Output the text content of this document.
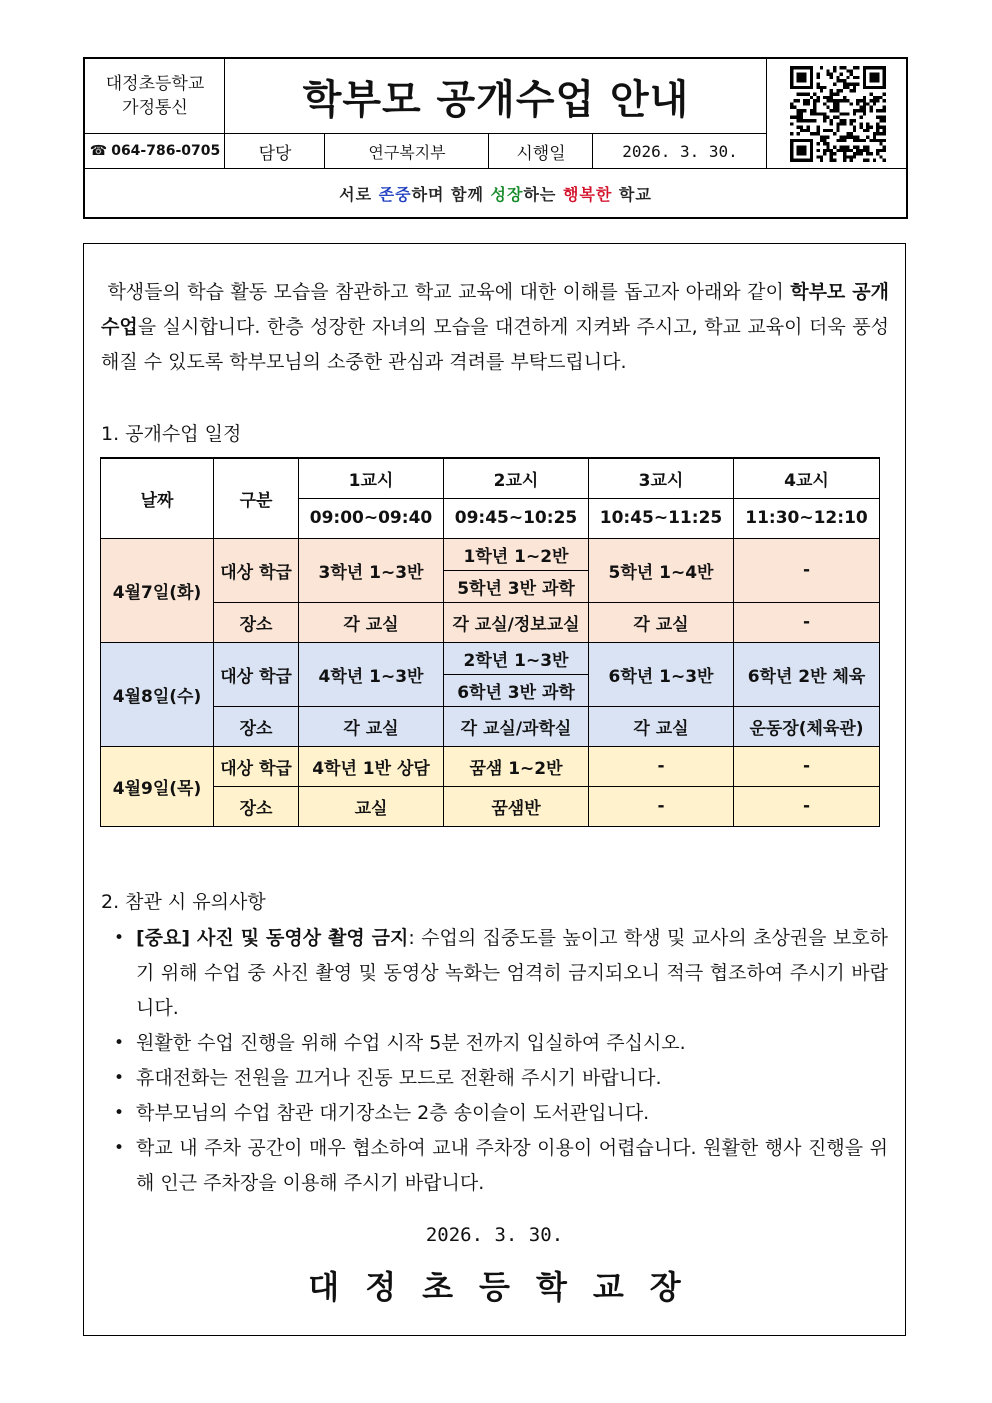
대정초등학교
가정통신	학부모 공개수업 안내
☎ 064-786-0705	담당	연구복지부	시행일	2026. 3. 30.
서로 존중 하며 함께 성장 하는 행복한 학교
학생들의 학습 활동 모습을 참관하고 학교 교육에 대한 이해를 돕고자 아래와 같이 학부모 공개수업을 실시합니다. 한층 성장한 자녀의 모습을 대견하게 지켜봐 주시고, 학교 교육이 더욱 풍성해질 수 있도록 학부모님의 소중한 관심과 격려를 부탁드립니다.
1. 공개수업 일정
날짜	구분	1교시	2교시	3교시	4교시
		09:00~09:40	09:45~10:25	10:45~11:25	11:30~12:10
4월7일(화)	대상 학급	3학년 1~3반	1학년 1~2반	5학년 1~4반	-
			5학년 3반 과학		
	장소	각 교실	각 교실/정보교실	각 교실	-
4월8일(수)	대상 학급	4학년 1~3반	2학년 1~3반	6학년 1~3반	6학년 2반 체육
			6학년 3반 과학		
	장소	각 교실	각 교실/과학실	각 교실	운동장(체육관)
4월9일(목)	대상 학급	4학년 1반 상담	꿈샘 1~2반	-	-
	장소	교실	꿈샘반	-	-
2. 참관 시 유의사항
• [중요] 사진 및 동영상 촬영 금지: 수업의 집중도를 높이고 학생 및 교사의 초상권을 보호하기 위해 수업 중 사진 촬영 및 동영상 녹화는 엄격히 금지되오니 적극 협조하여 주시기 바랍니다.
• 원활한 수업 진행을 위해 수업 시작 5분 전까지 입실하여 주십시오.
• 휴대전화는 전원을 끄거나 진동 모드로 전환해 주시기 바랍니다.
• 학부모님의 수업 참관 대기장소는 2층 송이슬이 도서관입니다.
• 학교 내 주차 공간이 매우 협소하여 교내 주차장 이용이 어렵습니다. 원활한 행사 진행을 위해 인근 주차장을 이용해 주시기 바랍니다.
2026. 3. 30.
대정초등학교장
